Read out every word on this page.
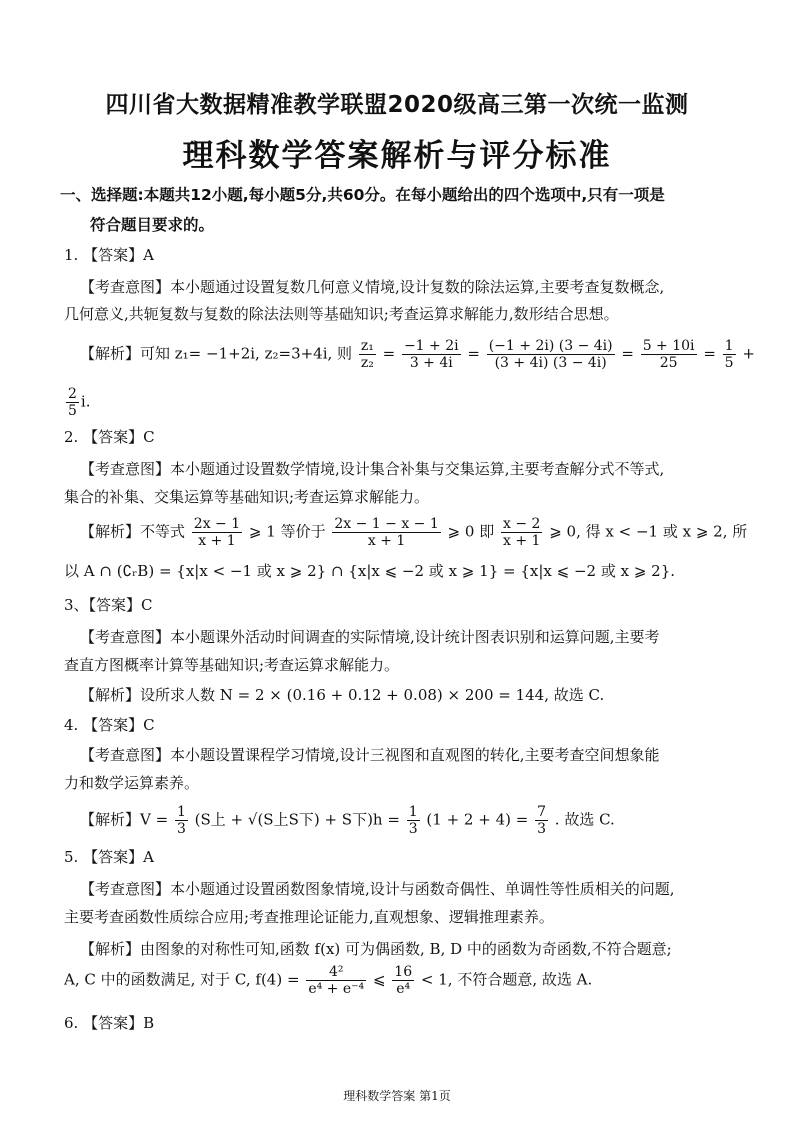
四川省大数据精准教学联盟2020级高三第一次统一监测
理科数学答案解析与评分标准
一、选择题:本题共12小题,每小题5分,共60分。在每小题给出的四个选项中,只有一项是
符合题目要求的。
1. 【答案】A
【考查意图】本小题通过设置复数几何意义情境,设计复数的除法运算,主要考查复数概念,
几何意义,共轭复数与复数的除法法则等基础知识;考查运算求解能力,数形结合思想。
【解析】可知 z₁= −1+2i, z₂=3+4i, 则 $\frac{\text{z₁}}{\text{z₂}} = \frac{-1 + 2i}{3 + 4i} = \frac{(-1 + 2i) (3 - 4i)}{(3 + 4i) (3 - 4i)} = \frac{5 + 10i}{25} = \frac{1}{5}$ +
$\frac{2}{5} i$.
2. 【答案】C
【考查意图】本小题通过设置数学情境,设计集合补集与交集运算,主要考查解分式不等式,
集合的补集、交集运算等基础知识;考查运算求解能力。
【解析】不等式 $\frac{2x - 1}{x + 1}$ ⩾ 1 等价于 $\frac{2x - 1 - x - 1}{x + 1}$ ⩾ 0 即 $\frac{x - 2}{x + 1}$ ⩾ 0, 得 x < −1 或 x ⩾ 2, 所
以 A ∩ (∁ᵣB) = {x|x < −1 或 x ⩾ 2} ∩ {x|x ⩽ −2 或 x ⩾ 1} = {x|x ⩽ −2 或 x ⩾ 2}.
3、【答案】C
【考查意图】本小题课外活动时间调查的实际情境,设计统计图表识别和运算问题,主要考
查直方图概率计算等基础知识;考查运算求解能力。
【解析】设所求人数 N = 2 × (0.16 + 0.12 + 0.08) × 200 = 144, 故选 C.
4. 【答案】C
【考查意图】本小题设置课程学习情境,设计三视图和直观图的转化,主要考查空间想象能
力和数学运算素养。
【解析】$V = \frac{1}{3} (S$上 + √(S上S下) + S下)$h = \frac{1}{3} (1 + 2 + 4) = \frac{7}{3}$ . 故选 C.
5. 【答案】A
【考查意图】本小题通过设置函数图象情境,设计与函数奇偶性、单调性等性质相关的问题,
主要考查函数性质综合应用;考查推理论证能力,直观想象、逻辑推理素养。
【解析】由图象的对称性可知,函数 f(x) 可为偶函数, B, D 中的函数为奇函数,不符合题意;
A, C 中的函数满足, 对于 C, $f(4) = \frac{\text{4²}}{\text{e⁴ + e⁻⁴}}$ ⩽ $\frac{16}{\text{e⁴}} < 1$, 不符合题意, 故选 A.
6. 【答案】B
理科数学答案 第1页
